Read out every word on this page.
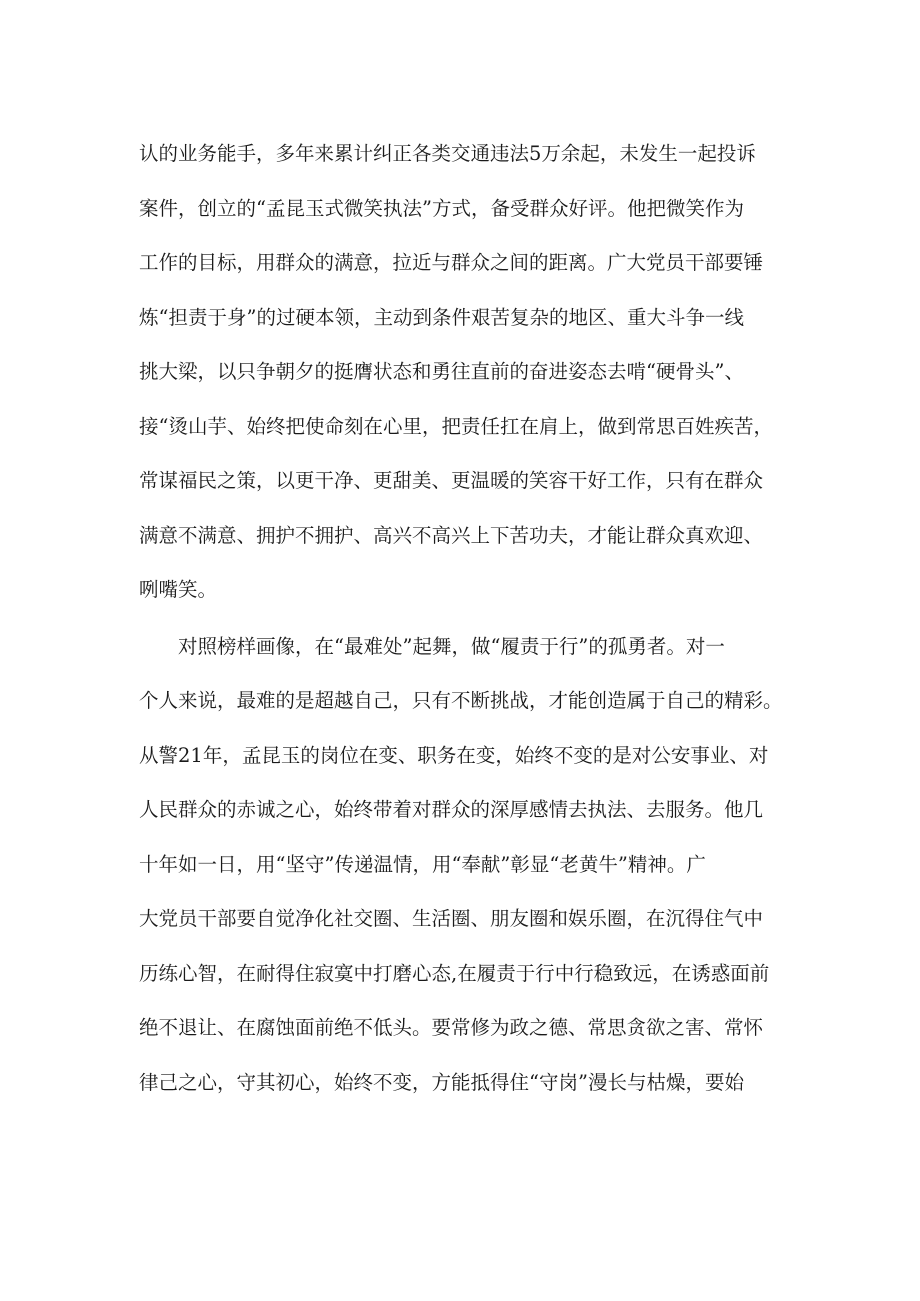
认的业务能手，多年来累计纠正各类交通违法5万余起，未发生一起投诉
案件，创立的“孟昆玉式微笑执法”方式，备受群众好评。他把微笑作为
工作的目标，用群众的满意，拉近与群众之间的距离。广大党员干部要锤
炼“担责于身”的过硬本领，主动到条件艰苦复杂的地区、重大斗争一线
挑大梁，以只争朝夕的挺膺状态和勇往直前的奋进姿态去啃“硬骨头”、
接“烫山芋、始终把使命刻在心里，把责任扛在肩上，做到常思百姓疾苦，
常谋福民之策，以更干净、更甜美、更温暖的笑容干好工作，只有在群众
满意不满意、拥护不拥护、高兴不高兴上下苦功夫，才能让群众真欢迎、
咧嘴笑。
　　对照榜样画像，在“最难处”起舞，做“履责于行”的孤勇者。对一
个人来说，最难的是超越自己，只有不断挑战，才能创造属于自己的精彩。
从警21年，孟昆玉的岗位在变、职务在变，始终不变的是对公安事业、对
人民群众的赤诚之心，始终带着对群众的深厚感情去执法、去服务。他几
十年如一日，用“坚守”传递温情，用“奉献”彰显“老黄牛”精神。广
大党员干部要自觉净化社交圈、生活圈、朋友圈和娱乐圈，在沉得住气中
历练心智，在耐得住寂寞中打磨心态,在履责于行中行稳致远，在诱惑面前
绝不退让、在腐蚀面前绝不低头。要常修为政之德、常思贪欲之害、常怀
律己之心，守其初心，始终不变，方能抵得住“守岗”漫长与枯燥，要始
